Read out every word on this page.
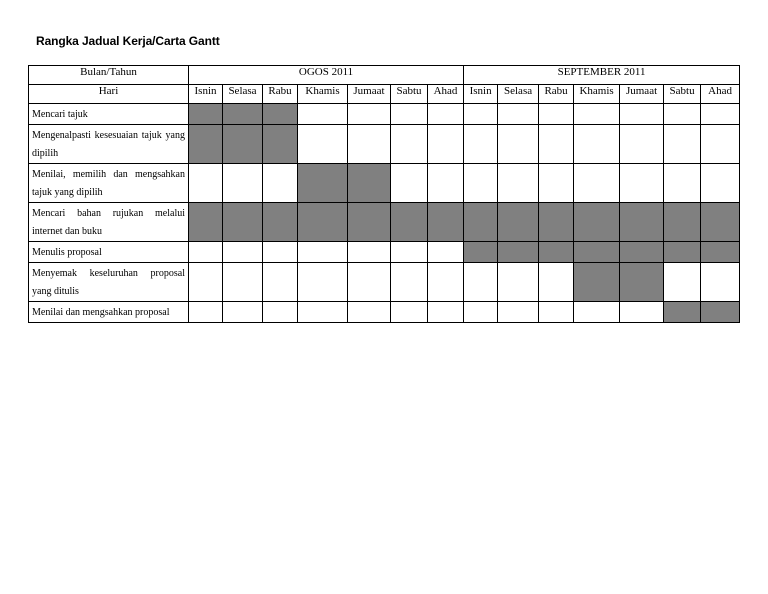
Rangka Jadual Kerja/Carta Gantt
Bulan/Tahun	OGOS 2011							SEPTEMBER 2011						
Hari	Isnin	Selasa	Rabu	Khamis	Jumaat	Sabtu	Ahad	Isnin	Selasa	Rabu	Khamis	Jumaat	Sabtu	Ahad
Mencari tajuk														
Mengenalpasti kesesuaian tajuk yang dipilih														
Menilai, memilih dan mengsahkan tajuk yang dipilih														
Mencari bahan rujukan melalui internet dan buku														
Menulis proposal														
Menyemak keseluruhan proposal yang ditulis														
Menilai dan mengsahkan proposal														
